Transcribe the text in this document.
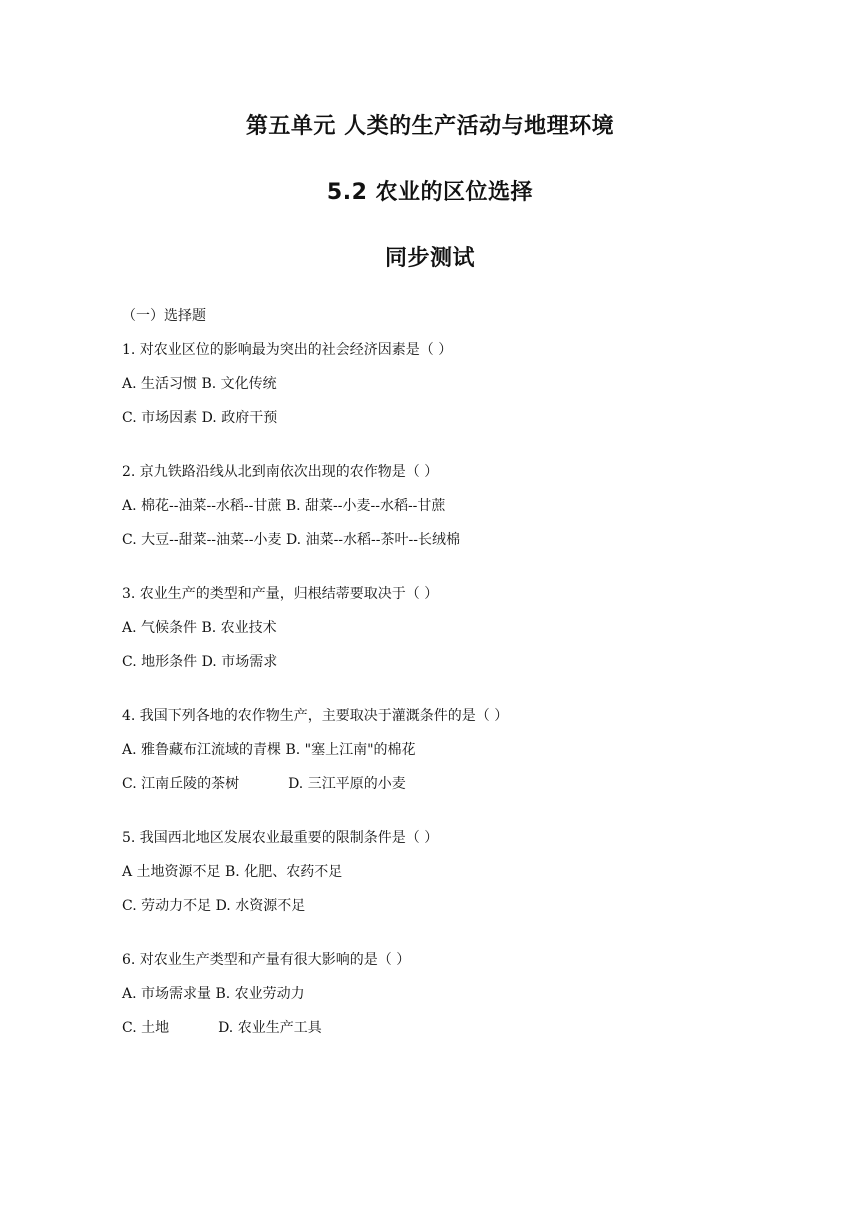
第五单元 人类的生产活动与地理环境
5.2 农业的区位选择
同步测试
（一）选择题
1. 对农业区位的影响最为突出的社会经济因素是（ ）
A. 生活习惯 B. 文化传统
C. 市场因素 D. 政府干预
2. 京九铁路沿线从北到南依次出现的农作物是（ ）
A. 棉花--油菜--水稻--甘蔗 B. 甜菜--小麦--水稻--甘蔗
C. 大豆--甜菜--油菜--小麦 D. 油菜--水稻--茶叶--长绒棉
3. 农业生产的类型和产量，归根结蒂要取决于（ ）
A. 气候条件 B. 农业技术
C. 地形条件 D. 市场需求
4. 我国下列各地的农作物生产，主要取决于灌溉条件的是（ ）
A. 雅鲁藏布江流域的青棵 B. "塞上江南"的棉花
C. 江南丘陵的茶树           D. 三江平原的小麦
5. 我国西北地区发展农业最重要的限制条件是（ ）
A 土地资源不足 B. 化肥、农药不足
C. 劳动力不足 D. 水资源不足
6. 对农业生产类型和产量有很大影响的是（ ）
A. 市场需求量 B. 农业劳动力
C. 土地           D. 农业生产工具
